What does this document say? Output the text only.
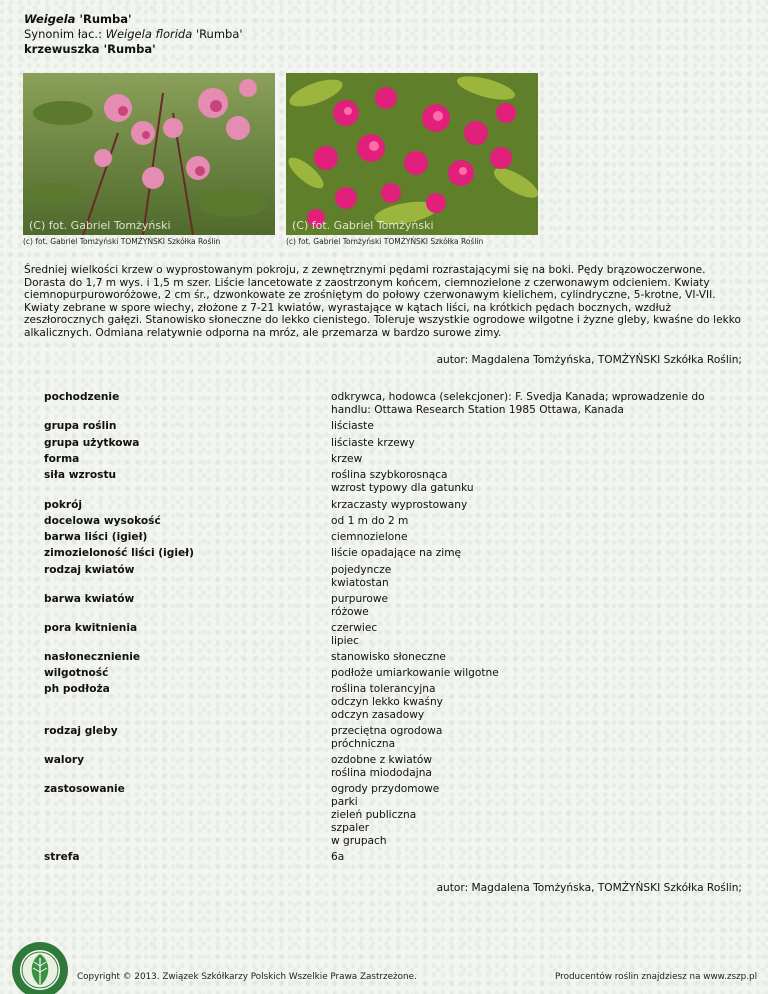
Weigela 'Rumba'
Synonim łac.: Weigela florida 'Rumba'
krzewuszka 'Rumba'
(C) fot. Gabriel Tomżyński
(c) fot. Gabriel Tomżyński TOMŻYŃSKI Szkółka Roślin
(C) fot. Gabriel Tomżyński
(c) fot. Gabriel Tomżyński TOMŻYŃSKI Szkółka Roślin
Średniej wielkości krzew o wyprostowanym pokroju, z zewnętrznymi pędami rozrastającymi się na boki. Pędy brązowoczerwone. Dorasta do 1,7 m wys. i 1,5 m szer. Liście lancetowate z zaostrzonym końcem, ciemnozielone z czerwonawym odcieniem. Kwiaty ciemnopurpuroworóżowe, 2 cm śr., dzwonkowate ze zrośniętym do połowy czerwonawym kielichem, cylindryczne, 5-krotne, VI-VII. Kwiaty zebrane w spore wiechy, złożone z 7-21 kwiatów, wyrastające w kątach liści, na krótkich pędach bocznych, wzdłuż zeszłorocznych gałęzi. Stanowisko słoneczne do lekko cienistego. Toleruje wszystkie ogrodowe wilgotne i żyzne gleby, kwaśne do lekko alkalicznych. Odmiana relatywnie odporna na mróz, ale przemarza w bardzo surowe zimy.
autor: Magdalena Tomżyńska, TOMŻYŃSKI Szkółka Roślin;
pochodzenie	odkrywca, hodowca (selekcjoner): F. Svedja Kanada; wprowadzenie do
handlu: Ottawa Research Station 1985 Ottawa, Kanada
grupa roślin	liściaste
grupa użytkowa	liściaste krzewy
forma	krzew
siła wzrostu	roślina szybkorosnąca
wzrost typowy dla gatunku
pokrój	krzaczasty wyprostowany
docelowa wysokość	od 1 m do 2 m
barwa liści (igieł)	ciemnozielone
zimozieloność liści (igieł)	liście opadające na zimę
rodzaj kwiatów	pojedyncze
kwiatostan
barwa kwiatów	purpurowe
różowe
pora kwitnienia	czerwiec
lipiec
nasłonecznienie	stanowisko słoneczne
wilgotność	podłoże umiarkowanie wilgotne
ph podłoża	roślina tolerancyjna
odczyn lekko kwaśny
odczyn zasadowy
rodzaj gleby	przeciętna ogrodowa
próchniczna
walory	ozdobne z kwiatów
roślina miododajna
zastosowanie	ogrody przydomowe
parki
zieleń publiczna
szpaler
w grupach
strefa	6a
autor: Magdalena Tomżyńska, TOMŻYŃSKI Szkółka Roślin;
Copyright © 2013. Związek Szkółkarzy Polskich Wszelkie Prawa Zastrzeżone.	Producentów roślin znajdziesz na www.zszp.pl
